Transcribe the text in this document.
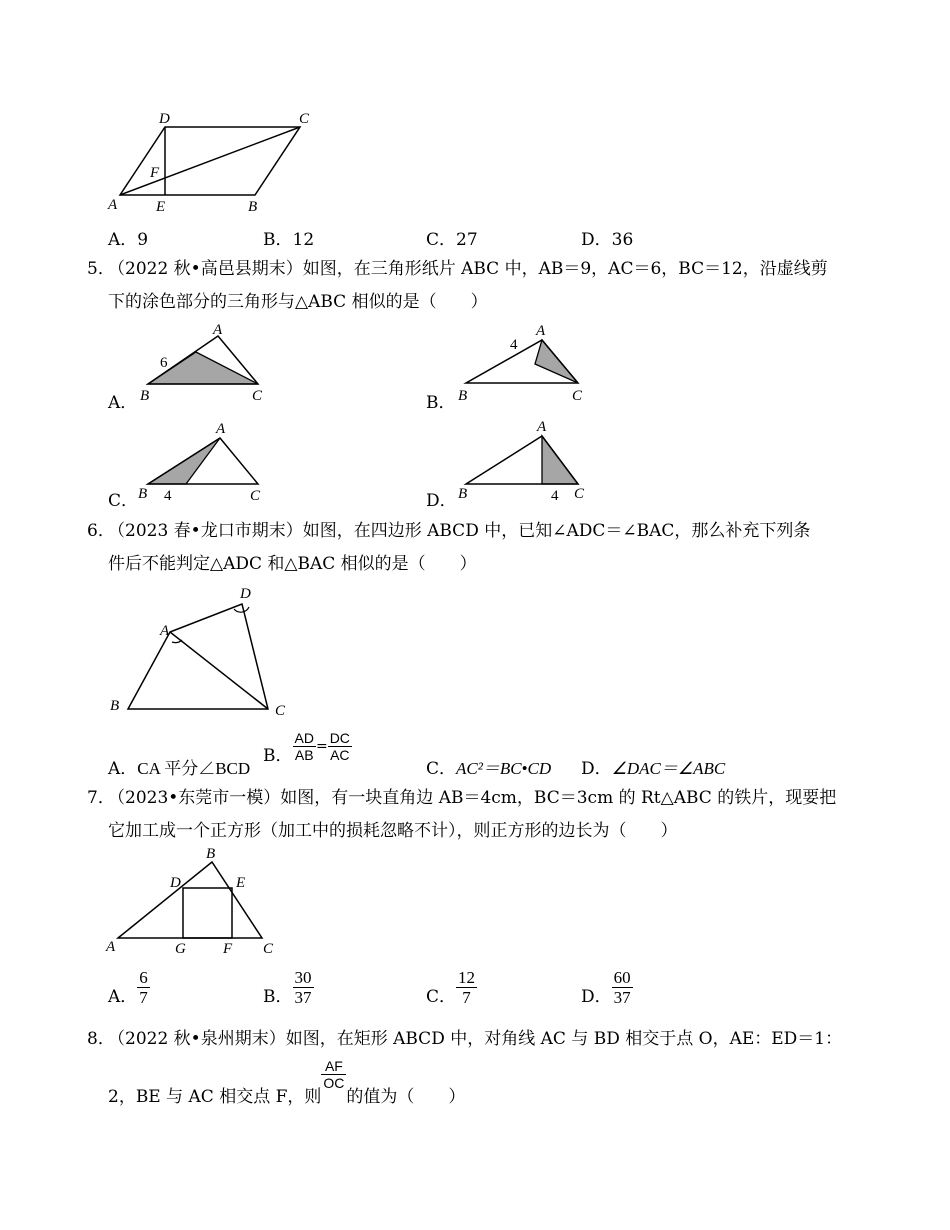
D	C
F
A	E	B
A．9	B．12	C．27	D．36
5．
（2022 秋•高邑县期末）如图，在三角形纸片 ABC 中，AB＝9，AC＝6，BC＝12，沿虚线剪
下的涂色部分的三角形与△ABC 相似的是（　　）
A．
A
6
B	C	B．
A
4
B	C
C．
A
B 4	C	D．
A
B	4 C
6．
（2023 春•龙口市期末）如图，在四边形 ABCD 中，已知∠ADC＝∠BAC，那么补充下列条
件后不能判定△ADC 和△BAC 相似的是（　　）
D
A
B	C
A．CA 平分∠BCD
B． $\frac{AD}{AB} = \frac{DC}{AC}$
C．AC²＝BC•CD D．∠DAC＝∠ABC
7．
（2023•东莞市一模）如图，有一块直角边 AB＝4cm，BC＝3cm 的 Rt△ABC 的铁片，现要把
它加工成一个正方形（加工中的损耗忽略不计），则正方形的边长为（　　）
B
D	E
A	G F C
A． $\frac{6}{7}$	B． $\frac{30}{37}$	C． $\frac{12}{7}$	D． $\frac{60}{37}$
8．
（2022 秋•泉州期末）如图，在矩形 ABCD 中，对角线 AC 与 BD 相交于点 O，AE：ED＝1：
2，BE 与 AC 相交点 F，则
$\frac{AF}{OC}$
的值为（　　）
